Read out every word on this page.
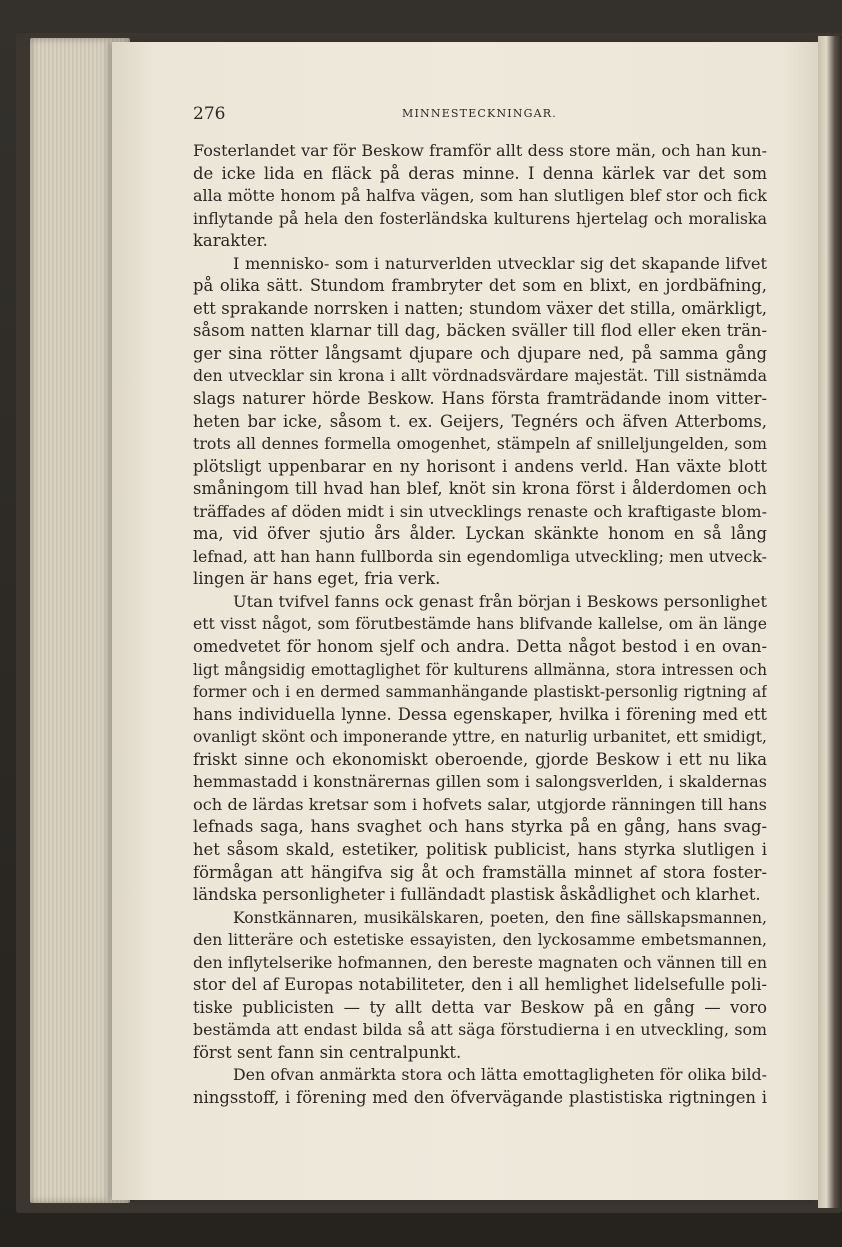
276	MINNESTECKNINGAR.
Fosterlandet var för Beskow framför allt dess store män, och han kun-
de icke lida en fläck på deras minne. I denna kärlek var det som
alla mötte honom på halfva vägen, som han slutligen blef stor och fick
inflytande på hela den fosterländska kulturens hjertelag och moraliska
karakter.
I mennisko- som i naturverlden utvecklar sig det skapande lifvet
på olika sätt. Stundom frambryter det som en blixt, en jordbäfning,
ett sprakande norrsken i natten; stundom växer det stilla, omärkligt,
såsom natten klarnar till dag, bäcken sväller till flod eller eken trän-
ger sina rötter långsamt djupare och djupare ned, på samma gång
den utvecklar sin krona i allt vördnadsvärdare majestät. Till sistnämda
slags naturer hörde Beskow. Hans första framträdande inom vitter-
heten bar icke, såsom t. ex. Geijers, Tegnérs och äfven Atterboms,
trots all dennes formella omogenhet, stämpeln af snilleljungelden, som
plötsligt uppenbarar en ny horisont i andens verld. Han växte blott
småningom till hvad han blef, knöt sin krona först i ålderdomen och
träffades af döden midt i sin utvecklings renaste och kraftigaste blom-
ma, vid öfver sjutio års ålder. Lyckan skänkte honom en så lång
lefnad, att han hann fullborda sin egendomliga utveckling; men utveck-
lingen är hans eget, fria verk.
Utan tvifvel fanns ock genast från början i Beskows personlighet
ett visst något, som förutbestämde hans blifvande kallelse, om än länge
omedvetet för honom sjelf och andra. Detta något bestod i en ovan-
ligt mångsidig emottaglighet för kulturens allmänna, stora intressen och
former och i en dermed sammanhängande plastiskt-personlig rigtning af
hans individuella lynne. Dessa egenskaper, hvilka i förening med ett
ovanligt skönt och imponerande yttre, en naturlig urbanitet, ett smidigt,
friskt sinne och ekonomiskt oberoende, gjorde Beskow i ett nu lika
hemmastadd i konstnärernas gillen som i salongsverlden, i skaldernas
och de lärdas kretsar som i hofvets salar, utgjorde ränningen till hans
lefnads saga, hans svaghet och hans styrka på en gång, hans svag-
het såsom skald, estetiker, politisk publicist, hans styrka slutligen i
förmågan att hängifva sig åt och framställa minnet af stora foster-
ländska personligheter i fulländadt plastisk åskådlighet och klarhet.
Konstkännaren, musikälskaren, poeten, den fine sällskapsmannen,
den litteräre och estetiske essayisten, den lyckosamme embetsmannen,
den inflytelserike hofmannen, den bereste magnaten och vännen till en
stor del af Europas notabiliteter, den i all hemlighet lidelsefulle poli-
tiske publicisten — ty allt detta var Beskow på en gång — voro
bestämda att endast bilda så att säga förstudierna i en utveckling, som
först sent fann sin centralpunkt.
Den ofvan anmärkta stora och lätta emottagligheten för olika bild-
ningsstoff, i förening med den öfvervägande plastistiska rigtningen i
